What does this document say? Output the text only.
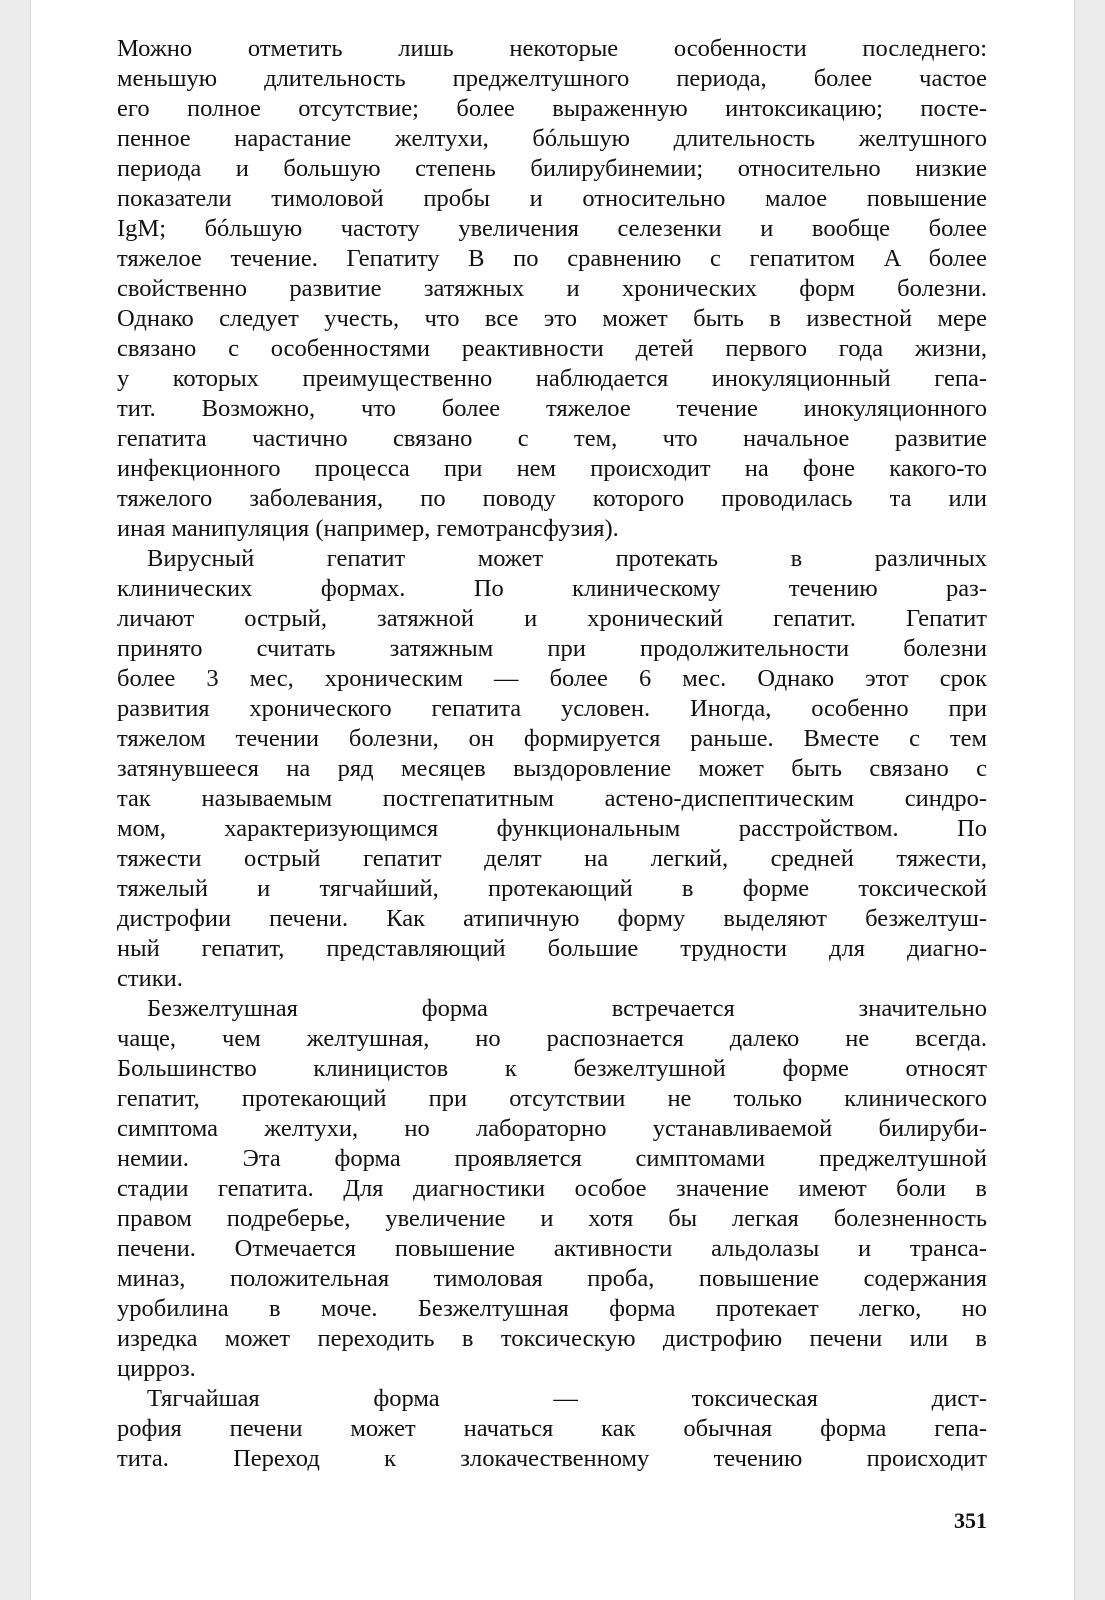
Можно отметить лишь некоторые особенности последнего:
меньшую длительность преджелтушного периода, более частое
его полное отсутствие; более выраженную интоксикацию; посте-
пенное нарастание желтухи, бóльшую длительность желтушного
периода и большую степень билирубинемии; относительно низкие
показатели тимоловой пробы и относительно малое повышение
IgM; бóльшую частоту увеличения селезенки и вообще более
тяжелое течение. Гепатиту B по сравнению с гепатитом A более
свойственно развитие затяжных и хронических форм болезни.
Однако следует учесть, что все это может быть в известной мере
связано с особенностями реактивности детей первого года жизни,
у которых преимущественно наблюдается инокуляционный гепа-
тит. Возможно, что более тяжелое течение инокуляционного
гепатита частично связано с тем, что начальное развитие
инфекционного процесса при нем происходит на фоне какого-то
тяжелого заболевания, по поводу которого проводилась та или
иная манипуляция (например, гемотрансфузия).
Вирусный гепатит может протекать в различных
клинических формах. По клиническому течению раз-
личают острый, затяжной и хронический гепатит. Гепатит
принято считать затяжным при продолжительности болезни
более 3 мес, хроническим — более 6 мес. Однако этот срок
развития хронического гепатита условен. Иногда, особенно при
тяжелом течении болезни, он формируется раньше. Вместе с тем
затянувшееся на ряд месяцев выздоровление может быть связано с
так называемым постгепатитным астено-диспептическим синдро-
мом, характеризующимся функциональным расстройством. По
тяжести острый гепатит делят на легкий, средней тяжести,
тяжелый и тягчайший, протекающий в форме токсической
дистрофии печени. Как атипичную форму выделяют безжелтуш-
ный гепатит, представляющий большие трудности для диагно-
стики.
Безжелтушная форма встречается значительно
чаще, чем желтушная, но распознается далеко не всегда.
Большинство клиницистов к безжелтушной форме относят
гепатит, протекающий при отсутствии не только клинического
симптома желтухи, но лабораторно устанавливаемой билируби-
немии. Эта форма проявляется симптомами преджелтушной
стадии гепатита. Для диагностики особое значение имеют боли в
правом подреберье, увеличение и хотя бы легкая болезненность
печени. Отмечается повышение активности альдолазы и трансa-
миназ, положительная тимоловая проба, повышение содержания
уробилина в моче. Безжелтушная форма протекает легко, но
изредка может переходить в токсическую дистрофию печени или в
цирроз.
Тягчайшая форма — токсическая дист-
рофия печени может начаться как обычная форма гепа-
тита. Переход к злокачественному течению происходит
351
